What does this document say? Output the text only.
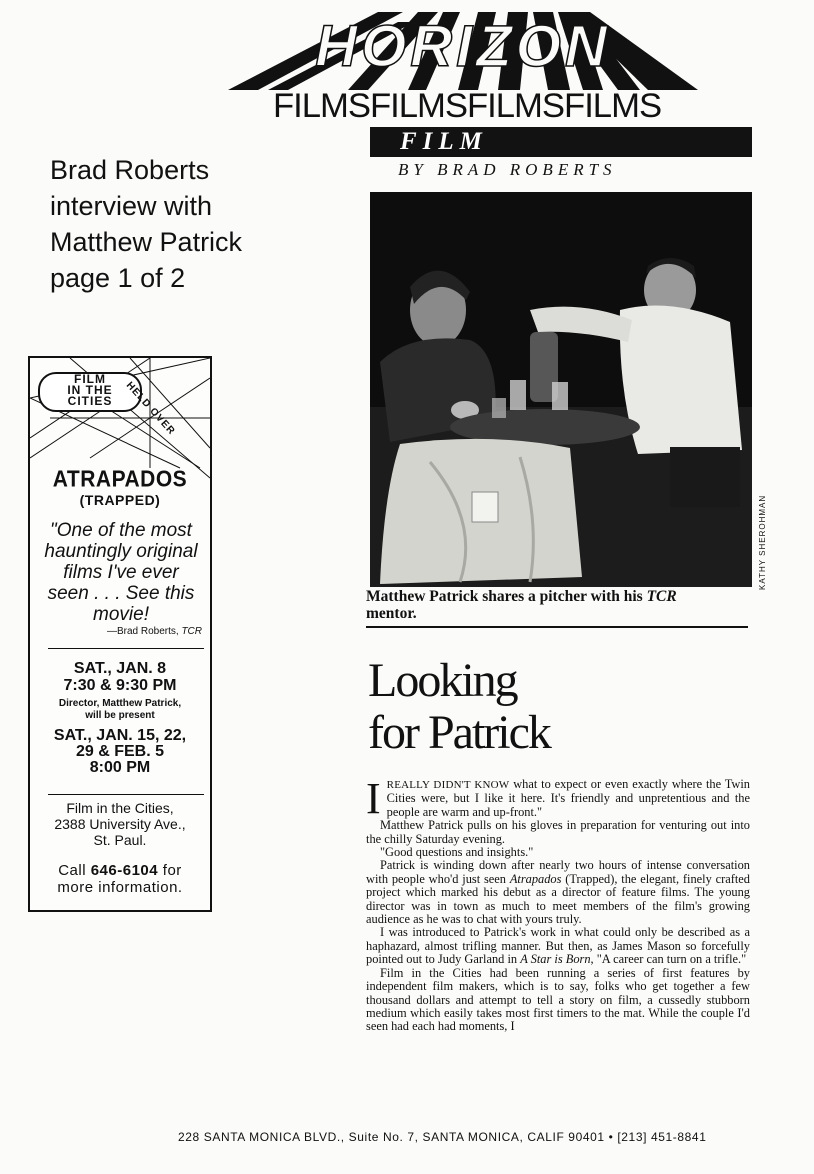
HORIZON
FILMSFILMSFILMSFILMS
FILM
BY BRAD ROBERTS
Brad Roberts
interview with
Matthew Patrick
page 1 of 2
KATHY SHEROHMAN
Matthew Patrick shares a pitcher with his TCR
mentor.
Looking
for Patrick

IREALLY DIDN'T KNOW what to expect or even exactly where the Twin Cities were, but I like it here. It's friendly and unpretentious and the people are warm and up-front."

Matthew Patrick pulls on his gloves in preparation for venturing out into the chilly Saturday evening.

"Good questions and insights."

Patrick is winding down after nearly two hours of intense conversation with people who'd just seen Atrapados (Trapped), the elegant, finely crafted project which marked his debut as a director of feature films. The young director was in town as much to meet members of the film's growing audience as he was to chat with yours truly.

I was introduced to Patrick's work in what could only be described as a haphazard, almost trifling manner. But then, as James Mason so forcefully pointed out to Judy Garland in A Star is Born, "A career can turn on a trifle."

Film in the Cities had been running a series of first features by independent film makers, which is to say, folks who get together a few thousand dollars and attempt to tell a story on film, a cussedly stubborn medium which easily takes most first timers to the mat. While the couple I'd seen had each had moments, I

228 SANTA MONICA BLVD., Suite No. 7, SANTA MONICA, CALIF 90401 • [213] 451-8841
FILM
IN THE
CITIES	HELD OVER
ATRAPADOS
(TRAPPED)
"One of the most hauntingly original films I've ever seen . . . See this movie!
—Brad Roberts, TCR
SAT., JAN. 8
7:30 & 9:30 PM
Director, Matthew Patrick,
will be present
SAT., JAN. 15, 22,
29 & FEB. 5
8:00 PM
Film in the Cities,
2388 University Ave.,
St. Paul.
Call 646-6104 for
more information.
